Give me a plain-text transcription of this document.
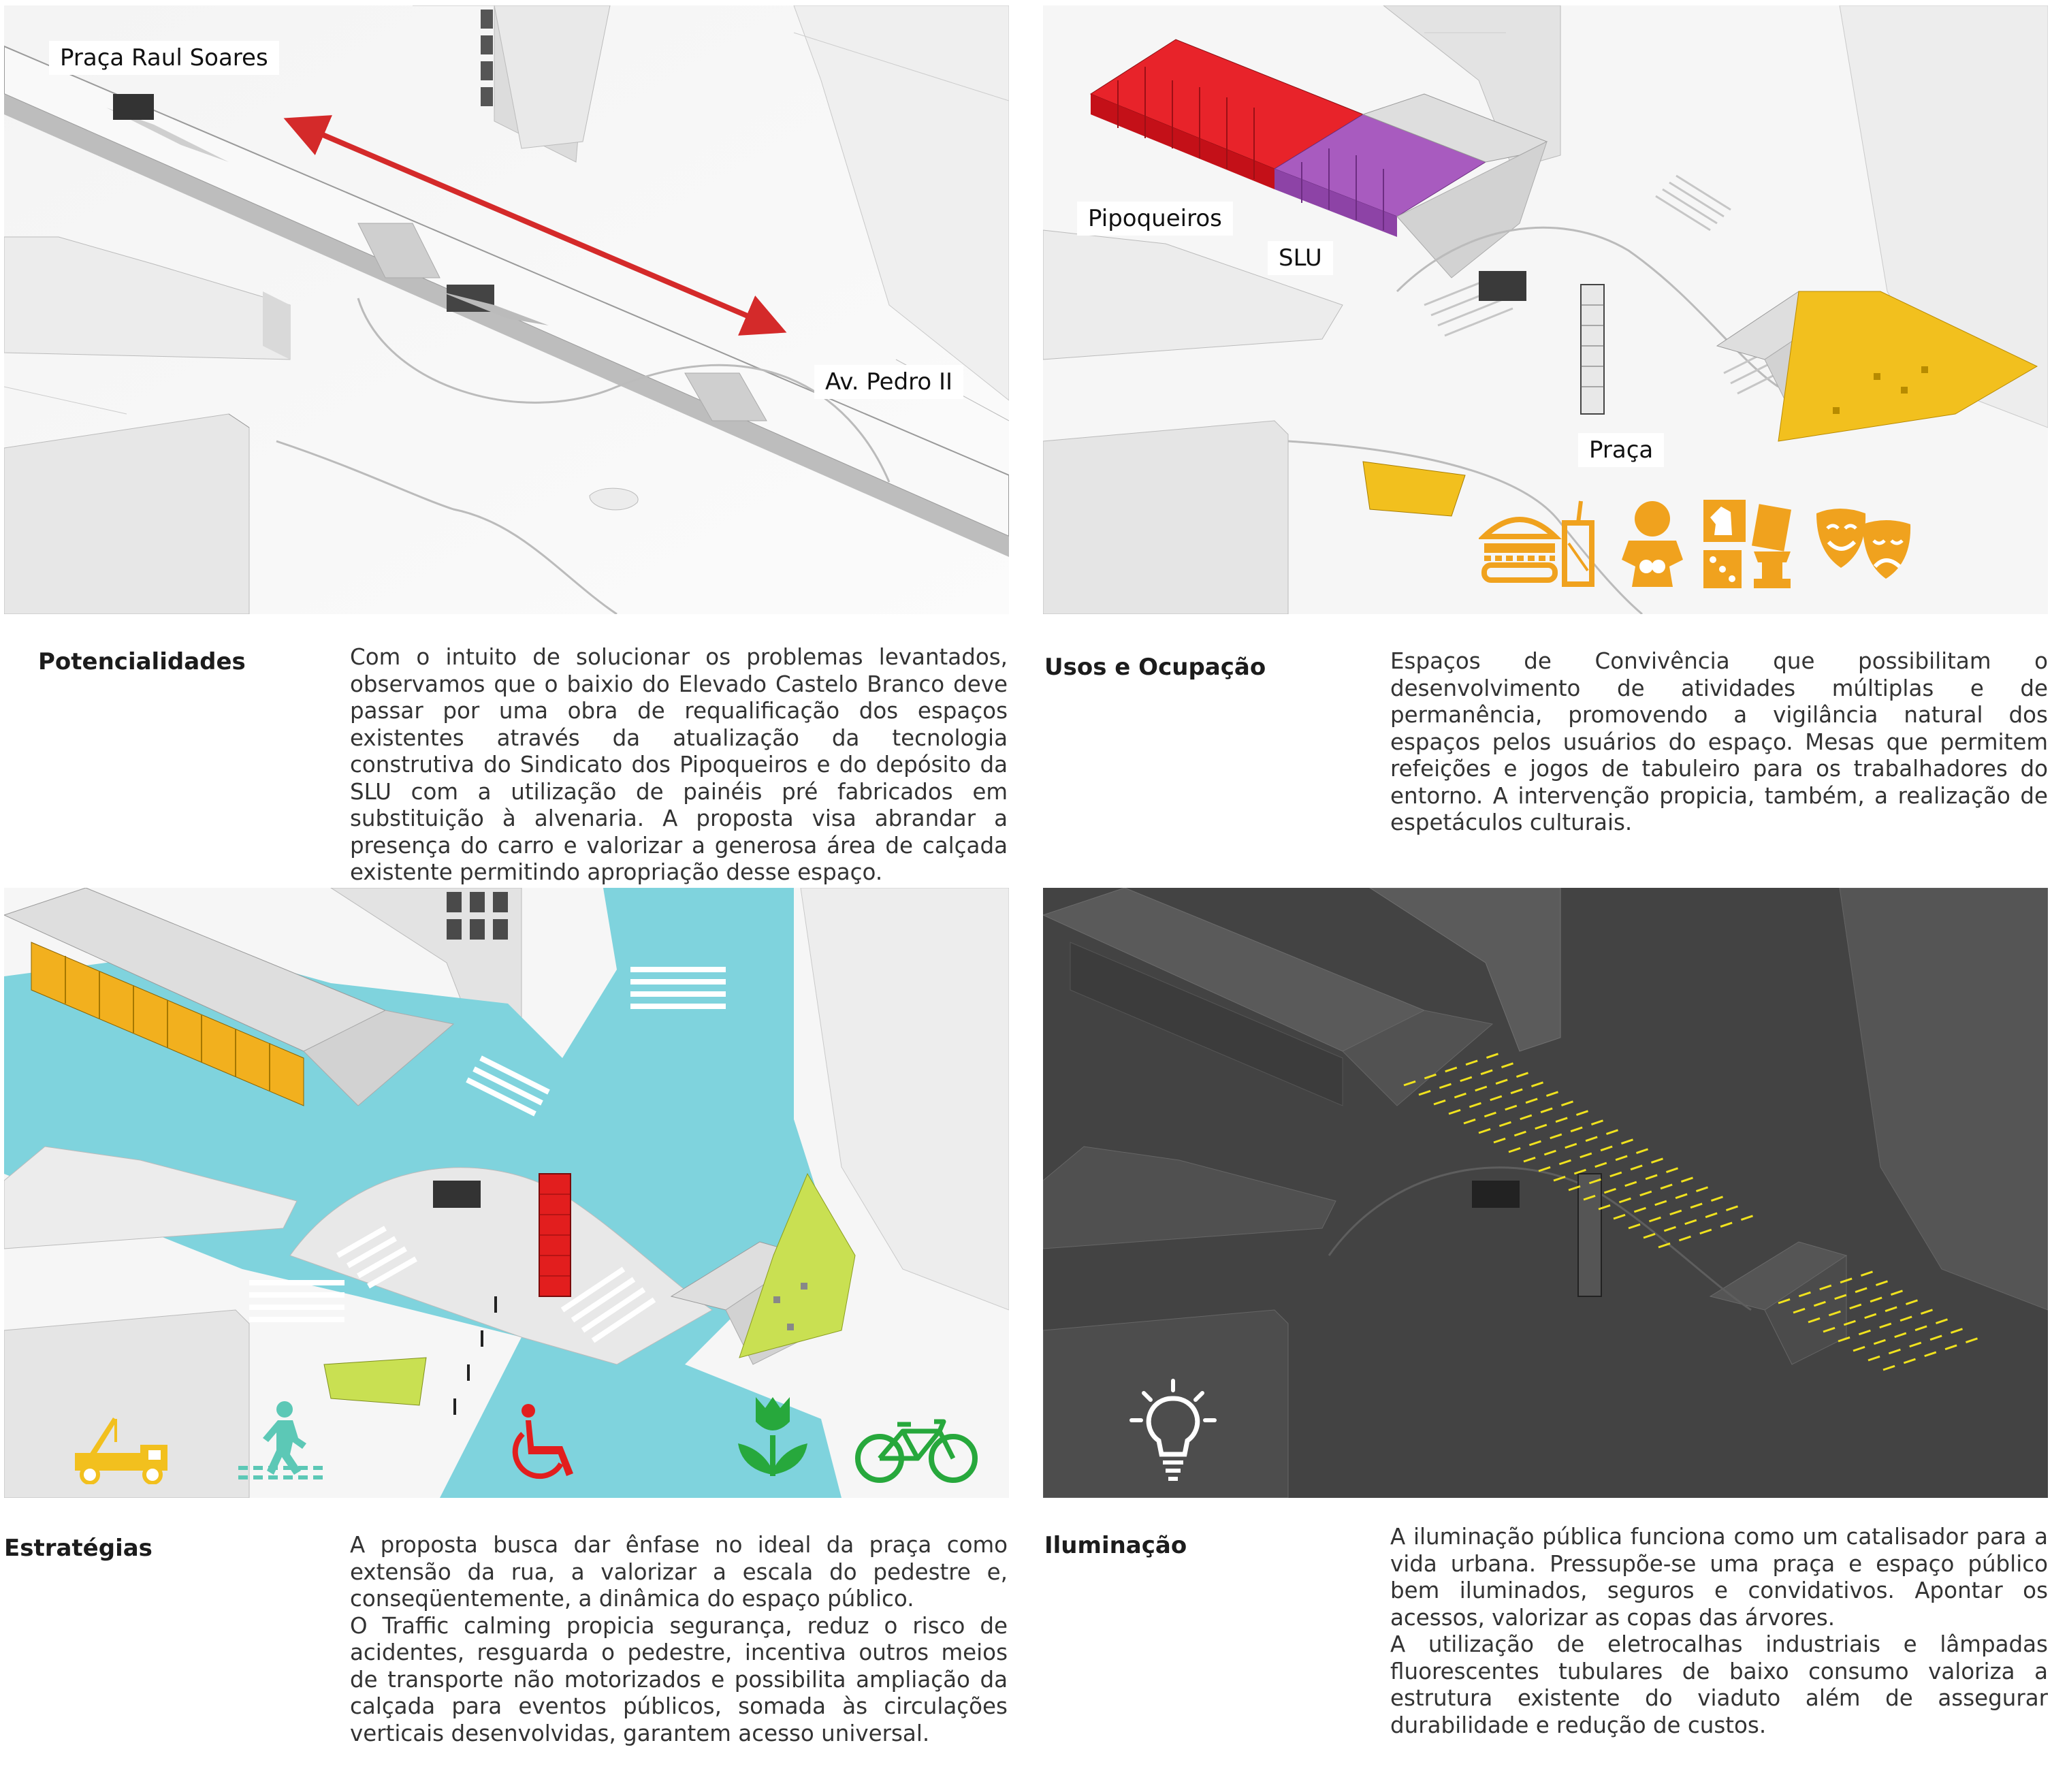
Praça Raul Soares
Av. Pedro II
Pipoqueiros
SLU
Praça
Potencialidades	Com o intuito de solucionar os problemas levantados, observamos que o baixio do Elevado Castelo Branco deve passar por uma obra de requalificação dos espaços existentes através da atualização da tecnologia construtiva do Sindicato dos Pipoqueiros e do depósito da SLU com a utilização de painéis pré fabricados em substituição à alvenaria. A proposta visa abrandar a presença do carro e valorizar a generosa área de calçada existente permitindo apropriação desse espaço.

Usos e Ocupação	Espaços de Convivência que possibilitam o desenvolvimento de atividades múltiplas e de permanência, promovendo a vigilância natural dos espaços pelos usuários do espaço. Mesas que permitem refeições e jogos de tabuleiro para os trabalhadores do entorno. A intervenção propicia, também, a realização de espetáculos culturais.

Estratégias	A proposta busca dar ênfase no ideal da praça como extensão da rua, a valorizar a escala do pedestre e, conseqüentemente, a dinâmica do espaço público.

O Traffic calming propicia segurança, reduz o risco de acidentes, resguarda o pedestre, incentiva outros meios de transporte não motorizados e possibilita ampliação da calçada para eventos públicos, somada às circulações verticais desenvolvidas, garantem acesso universal.

Iluminação	A iluminação pública funciona como um catalisador para a vida urbana. Pressupõe-se uma praça e espaço público bem iluminados, seguros e convidativos. Apontar os acessos, valorizar as copas das árvores.

A utilização de eletrocalhas industriais e lâmpadas fluorescentes tubulares de baixo consumo valoriza a estrutura existente do viaduto além de assegurar durabilidade e redução de custos.
